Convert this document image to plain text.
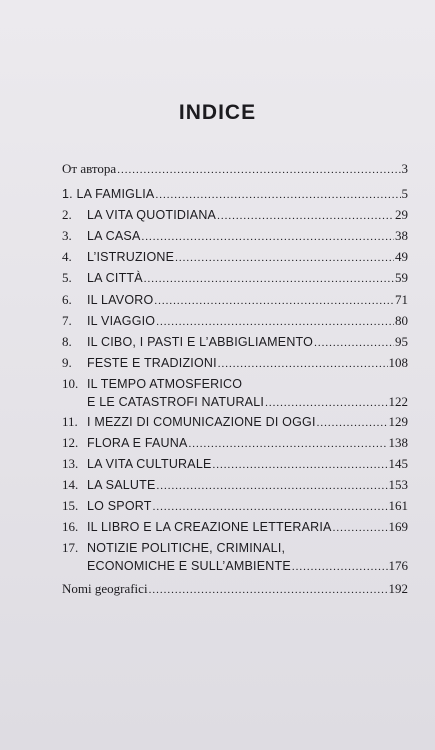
INDICE
От автора .....	3
1. LA FAMIGLIA .....	5
2.	LA VITA QUOTIDIANA .....	29
3.	LA CASA .....	38
4.	L’ISTRUZIONE .....	49
5.	LA CITTÀ .....	59
6.	IL LAVORO .....	71
7.	IL VIAGGIO .....	80
8.	IL CIBO, I PASTI E L’ABBIGLIAMENTO .....	95
9.	FESTE E TRADIZIONI .....	108
10. IL TEMPO ATMOSFERICO
E LE CATASTROFI NATURALI .....	122
11. I MEZZI DI COMUNICAZIONE DI OGGI .....	129
12. FLORA E FAUNA .....	138
13. LA VITA CULTURALE .....	145
14. LA SALUTE .....	153
15. LO SPORT .....	161
16. IL LIBRO E LA CREAZIONE LETTERARIA .....	169
17. NOTIZIE POLITICHE, CRIMINALI,
ECONOMICHE E SULL’AMBIENTE .....	176
Nomi geografici .....	192
